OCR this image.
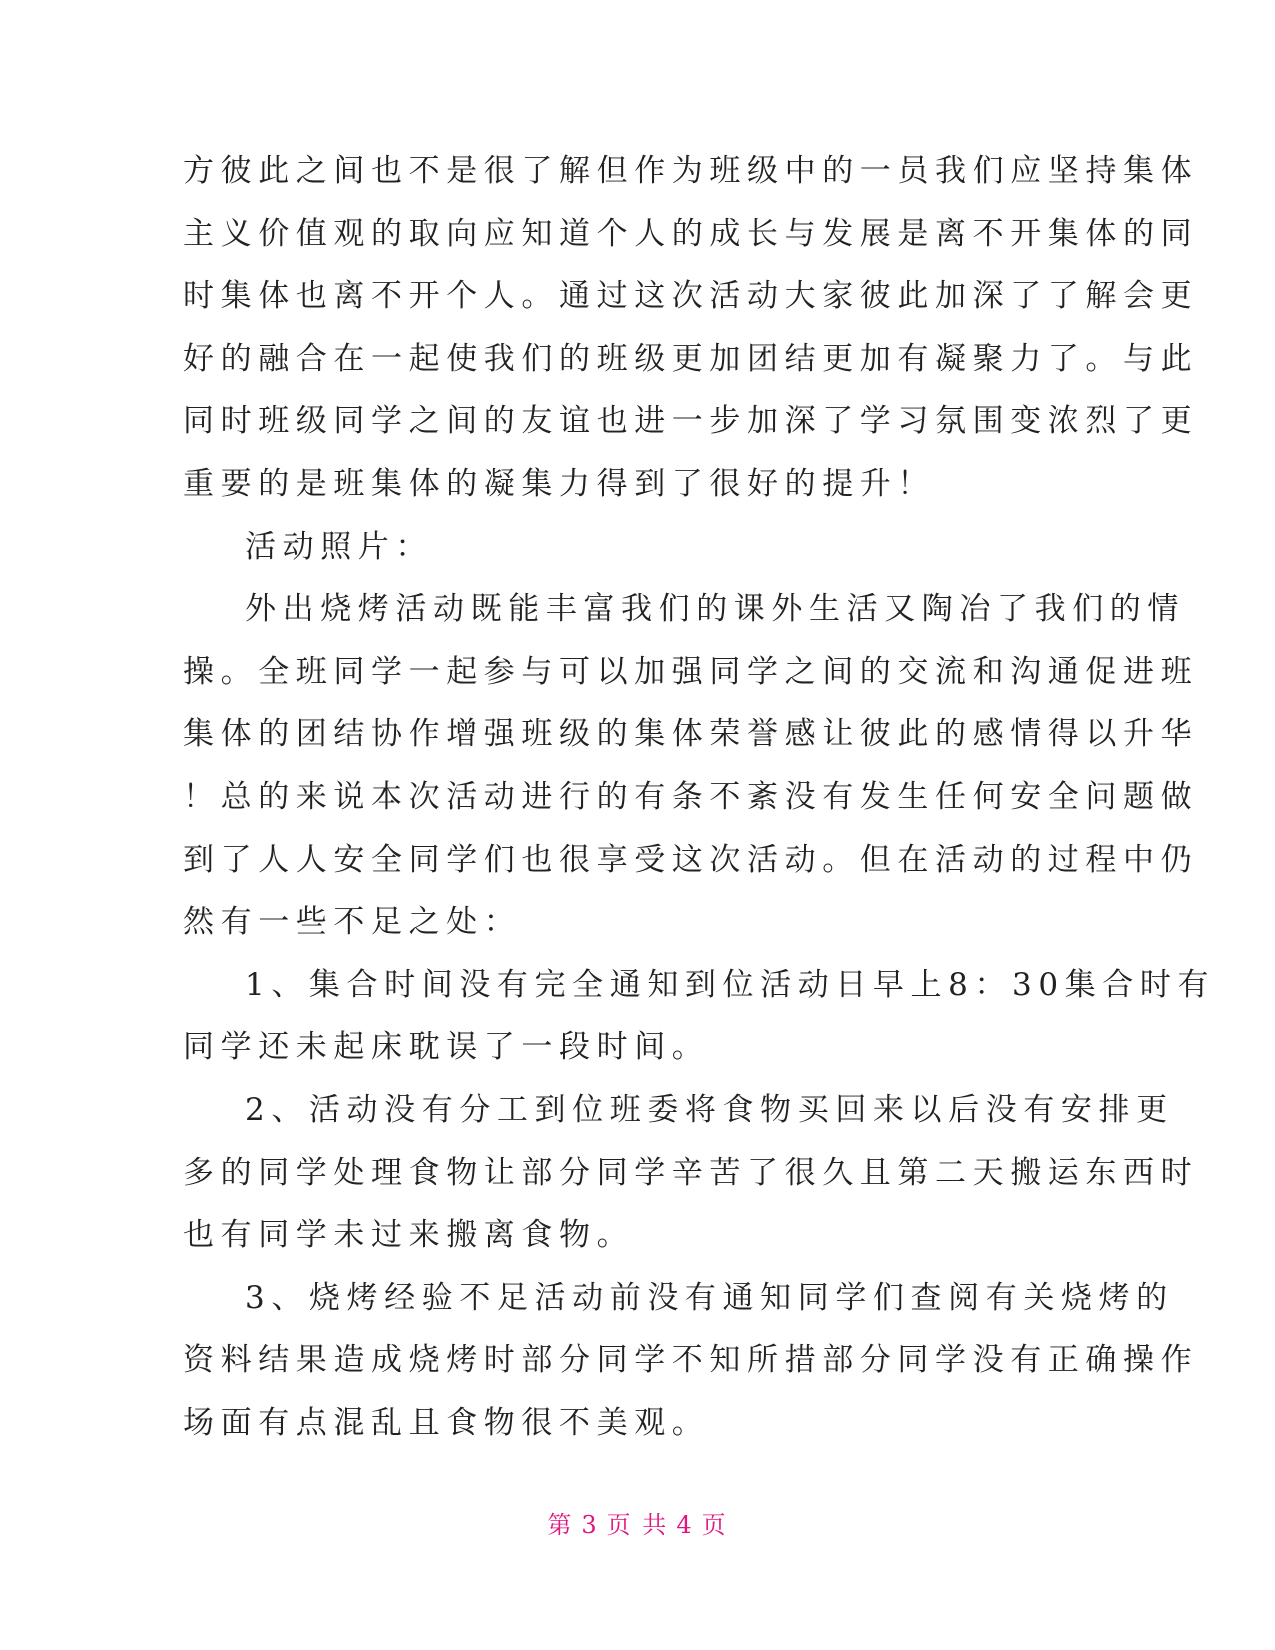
方彼此之间也不是很了解但作为班级中的一员我们应坚持集体
主义价值观的取向应知道个人的成长与发展是离不开集体的同
时集体也离不开个人。通过这次活动大家彼此加深了了解会更
好的融合在一起使我们的班级更加团结更加有凝聚力了。与此
同时班级同学之间的友谊也进一步加深了学习氛围变浓烈了更
重要的是班集体的凝集力得到了很好的提升！
活动照片：
外出烧烤活动既能丰富我们的课外生活又陶冶了我们的情
操。全班同学一起参与可以加强同学之间的交流和沟通促进班
集体的团结协作增强班级的集体荣誉感让彼此的感情得以升华
！总的来说本次活动进行的有条不紊没有发生任何安全问题做
到了人人安全同学们也很享受这次活动。但在活动的过程中仍
然有一些不足之处：
1、集合时间没有完全通知到位活动日早上8：30集合时有
同学还未起床耽误了一段时间。
2、活动没有分工到位班委将食物买回来以后没有安排更
多的同学处理食物让部分同学辛苦了很久且第二天搬运东西时
也有同学未过来搬离食物。
3、烧烤经验不足活动前没有通知同学们查阅有关烧烤的
资料结果造成烧烤时部分同学不知所措部分同学没有正确操作
场面有点混乱且食物很不美观。
第 3 页 共 4 页
